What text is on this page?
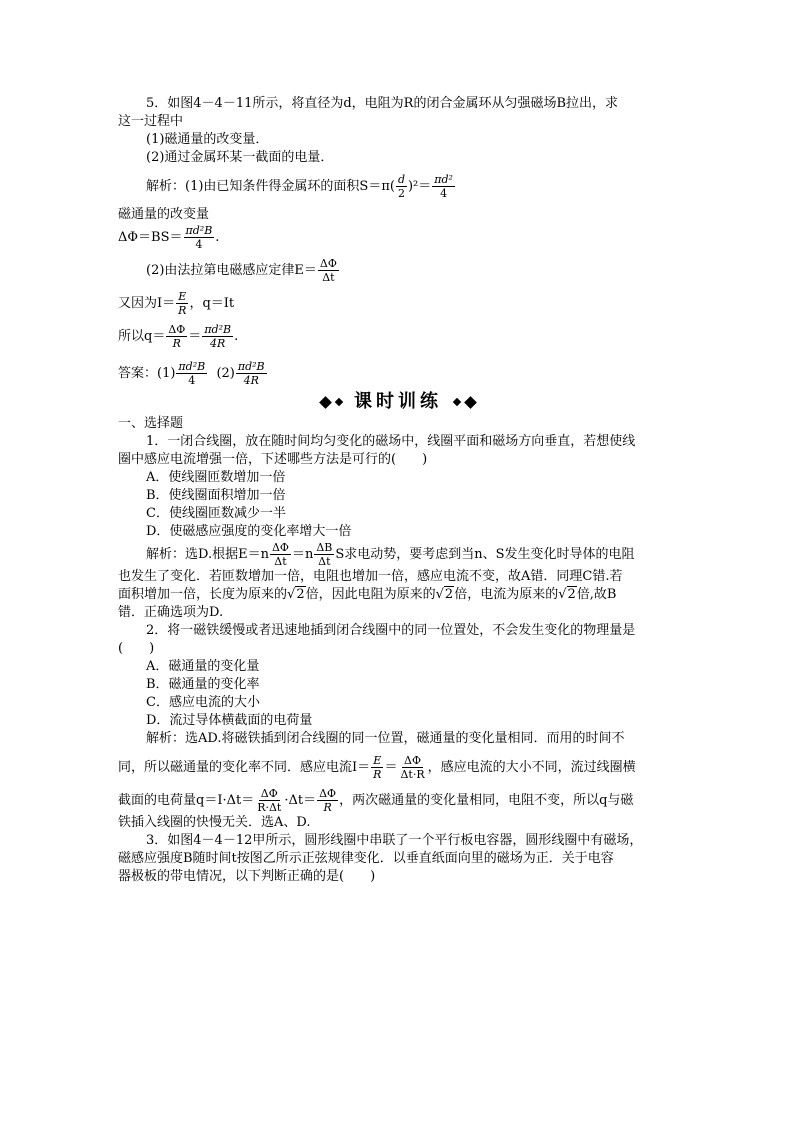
5．如图4－4－11所示，将直径为d，电阻为R的闭合金属环从匀强磁场B拉出，求
这一过程中
(1)磁通量的改变量．
(2)通过金属环某一截面的电量．
解析：(1)由已知条件得金属环的面积$S=\pi( \frac{d}{2} )^2= \frac{\text{πd²}}{4}$
磁通量的改变量
$\Delta\Phi=BS= \frac{\text{πd²B}}{4}$ .
(2)由法拉第电磁感应定律$E= \frac{\Delta\Phi}{\Delta t}$
又因为$I= \frac{E}{R}$ ，q＝It
所以$q= \frac{\Delta\Phi}{R} = \frac{\text{πd²B}}{4R}$ .
答案：$(1) \frac{\text{πd²B}}{4} (2) \frac{\text{πd²B}}{4R}$
课时训练
一、选择题
1．一闭合线圈，放在随时间均匀变化的磁场中，线圈平面和磁场方向垂直，若想使线
圈中感应电流增强一倍，下述哪些方法是可行的(　　)
A．使线圈匝数增加一倍
B．使线圈面积增加一倍
C．使线圈匝数减少一半
D．使磁感应强度的变化率增大一倍
解析：选D.根据$E=n \frac{\Delta\Phi}{\Delta t} =n \frac{\Delta B}{\Delta t}$ S求电动势，要考虑到当n、S发生变化时导体的电阻
也发生了变化．若匝数增加一倍，电阻也增加一倍，感应电流不变，故A错．同理C错.若
面积增加一倍，长度为原来的√2倍，因此电阻为原来的√2倍，电流为原来的√2倍,故B
错．正确选项为D.
2．将一磁铁缓慢或者迅速地插到闭合线圈中的同一位置处，不会发生变化的物理量是
(　　)
A．磁通量的变化量
B．磁通量的变化率
C．感应电流的大小
D．流过导体横截面的电荷量
解析：选AD.将磁铁插到闭合线圈的同一位置，磁通量的变化量相同．而用的时间不
同，所以磁通量的变化率不同．感应电流$I= \frac{E}{R} = \frac{\Delta\Phi}{\Delta t\cdot R}$ ，感应电流的大小不同，流过线圈横
截面的电荷量$q=I\cdot\Delta t= \frac{\Delta\Phi}{R\cdot\Delta t} \cdot\Delta t= \frac{\Delta\Phi}{R}$ ，两次磁通量的变化量相同，电阻不变，所以q与磁
铁插入线圈的快慢无关．选A、D.
3．如图4－4－12甲所示，圆形线圈中串联了一个平行板电容器，圆形线圈中有磁场，
磁感应强度B随时间t按图乙所示正弦规律变化．以垂直纸面向里的磁场为正．关于电容
器极板的带电情况，以下判断正确的是(　　)
